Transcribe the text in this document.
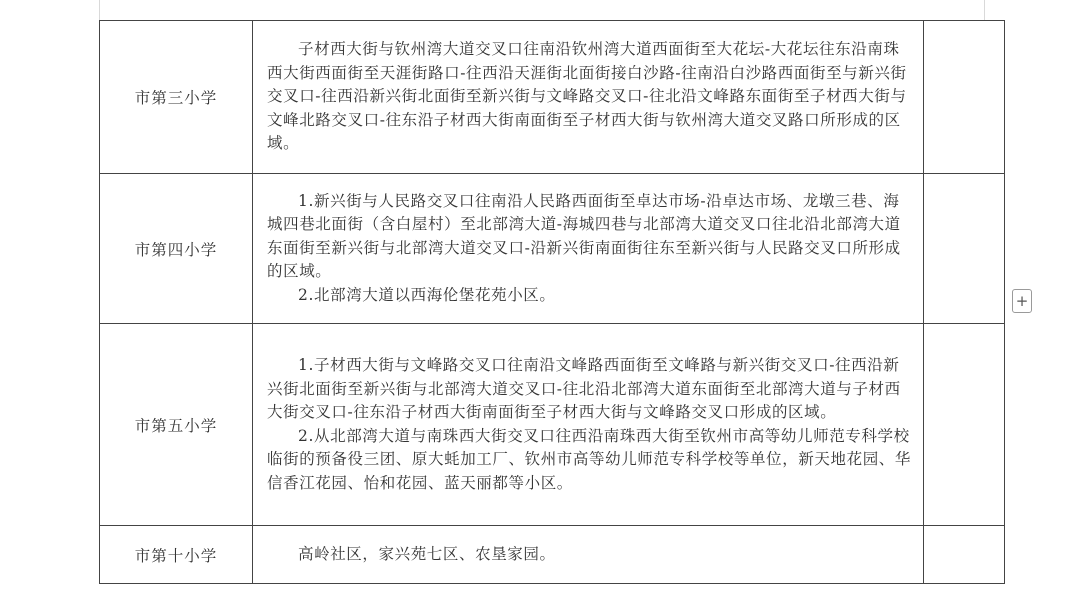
市第三小学	子材西大街与钦州湾大道交叉口往南沿钦州湾大道西面街至大花坛-大花坛往东沿南珠西大街西面街至天涯街路口-往西沿天涯街北面街接白沙路-往南沿白沙路西面街至与新兴街交叉口-往西沿新兴街北面街至新兴街与文峰路交叉口-往北沿文峰路东面街至子材西大街与文峰北路交叉口-往东沿子材西大街南面街至子材西大街与钦州湾大道交叉路口所形成的区域。	

市第四小学	1.新兴街与人民路交叉口往南沿人民路西面街至卓达市场-沿卓达市场、龙墩三巷、海城四巷北面街（含白屋村）至北部湾大道-海城四巷与北部湾大道交叉口往北沿北部湾大道东面街至新兴街与北部湾大道交叉口-沿新兴街南面街往东至新兴街与人民路交叉口所形成的区域。

2.北部湾大道以西海伦堡花苑小区。	

市第五小学	1.子材西大街与文峰路交叉口往南沿文峰路西面街至文峰路与新兴街交叉口-往西沿新兴街北面街至新兴街与北部湾大道交叉口-往北沿北部湾大道东面街至北部湾大道与子材西大街交叉口-往东沿子材西大街南面街至子材西大街与文峰路交叉口形成的区域。

2.从北部湾大道与南珠西大街交叉口往西沿南珠西大街至钦州市高等幼儿师范专科学校临街的预备役三团、原大蚝加工厂、钦州市高等幼儿师范专科学校等单位，新天地花园、华信香江花园、怡和花园、蓝天丽都等小区。	

市第十小学	高岭社区，家兴苑七区、农垦家园。	

+
